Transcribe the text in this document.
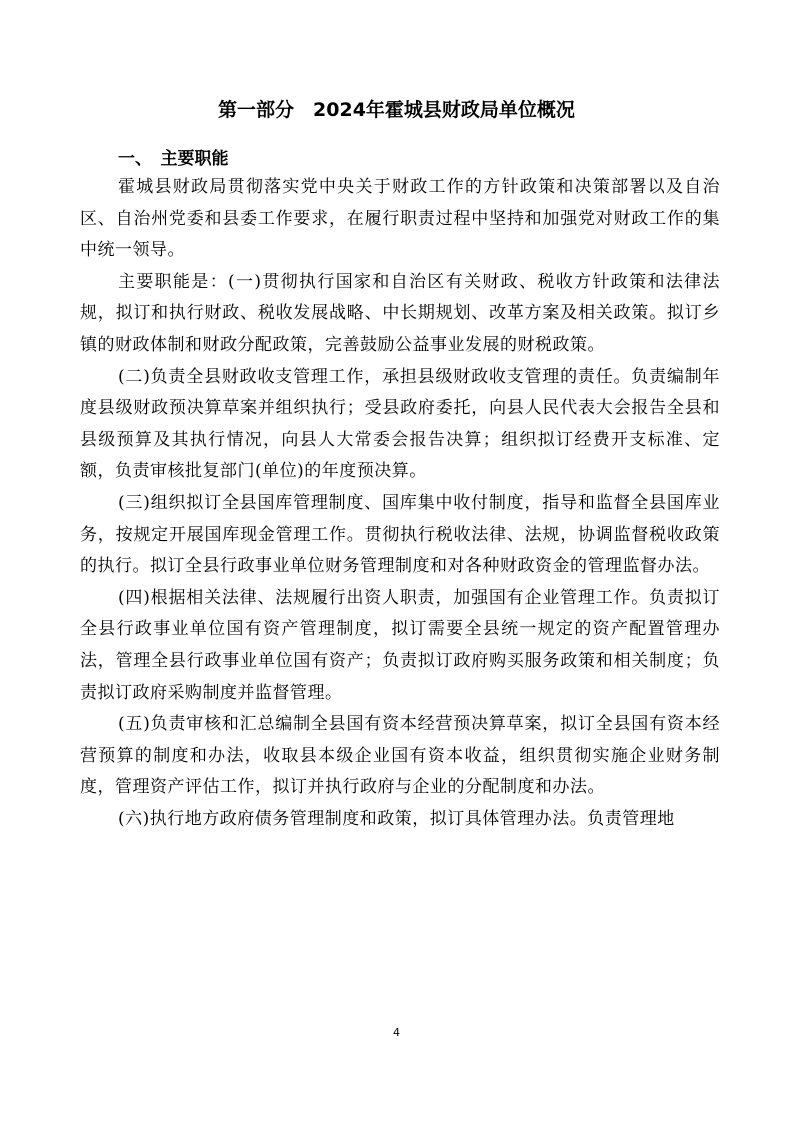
第一部分　2024年霍城县财政局单位概况
一、　主要职能

霍城县财政局贯彻落实党中央关于财政工作的方针政策和决策部署以及自治区、自治州党委和县委工作要求，在履行职责过程中坚持和加强党对财政工作的集中统一领导。

主要职能是：(一)贯彻执行国家和自治区有关财政、税收方针政策和法律法规，拟订和执行财政、税收发展战略、中长期规划、改革方案及相关政策。拟订乡镇的财政体制和财政分配政策，完善鼓励公益事业发展的财税政策。

(二)负责全县财政收支管理工作，承担县级财政收支管理的责任。负责编制年度县级财政预决算草案并组织执行；受县政府委托，向县人民代表大会报告全县和县级预算及其执行情况，向县人大常委会报告决算；组织拟订经费开支标准、定额，负责审核批复部门(单位)的年度预决算。

(三)组织拟订全县国库管理制度、国库集中收付制度，指导和监督全县国库业务，按规定开展国库现金管理工作。贯彻执行税收法律、法规，协调监督税收政策的执行。拟订全县行政事业单位财务管理制度和对各种财政资金的管理监督办法。

(四)根据相关法律、法规履行出资人职责，加强国有企业管理工作。负责拟订全县行政事业单位国有资产管理制度，拟订需要全县统一规定的资产配置管理办法，管理全县行政事业单位国有资产；负责拟订政府购买服务政策和相关制度；负责拟订政府采购制度并监督管理。

(五)负责审核和汇总编制全县国有资本经营预决算草案，拟订全县国有资本经营预算的制度和办法，收取县本级企业国有资本收益，组织贯彻实施企业财务制度，管理资产评估工作，拟订并执行政府与企业的分配制度和办法。

(六)执行地方政府债务管理制度和政策，拟订具体管理办法。负责管理地

4
